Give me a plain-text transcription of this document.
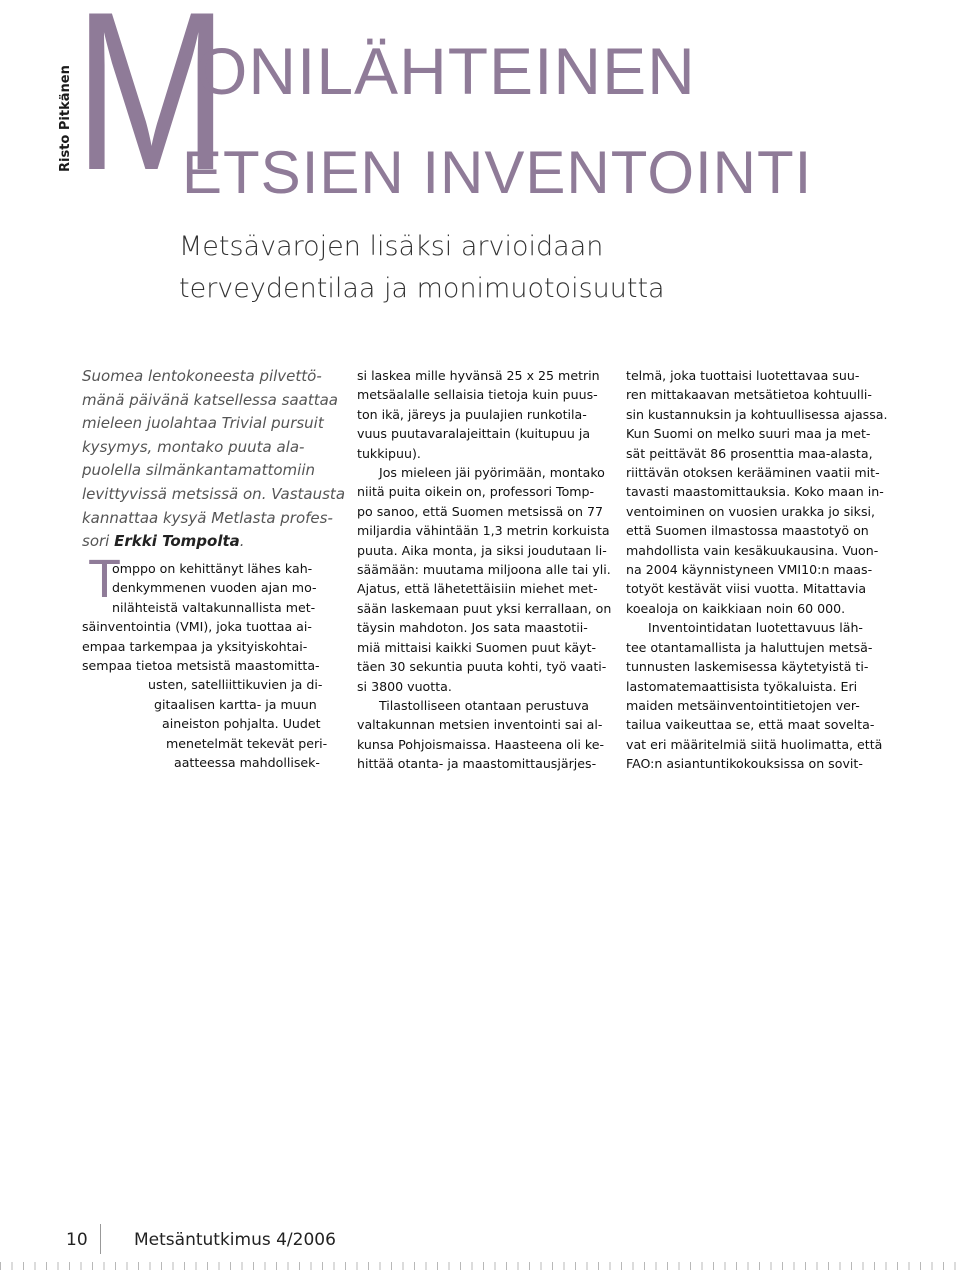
Risto Pitkänen M
ONILÄHTEINEN
ETSIEN INVENTOINTI
Metsävarojen lisäksi arvioidaan
terveydentilaa ja monimuotoisuutta
Suomea lentokoneesta pilvettö-
mänä päivänä katsellessa saattaa
mieleen juolahtaa Trivial pursuit
kysymys, montako puuta ala-
puolella silmänkantamattomiin
levittyvissä metsissä on. Vastausta
kannattaa kysyä Metlasta profes-
sori Erkki Tompolta.
T
omppo on kehittänyt lähes kah-
denkymmenen vuoden ajan mo-
nilähteistä valtakunnallista met-
säinventointia (VMI), joka tuottaa ai-
empaa tarkempaa ja yksityiskohtai-
sempaa tietoa metsistä maastomitta-
usten, satelliittikuvien ja di-
gitaalisen kartta- ja muun
aineiston pohjalta. Uudet
menetelmät tekevät peri-
aatteessa mahdollisek-
si laskea mille hyvänsä 25 x 25 metrin
metsäalalle sellaisia tietoja kuin puus-
ton ikä, järeys ja puulajien runkotila-
vuus puutavaralajeittain (kuitupuu ja
tukkipuu).
Jos mieleen jäi pyörimään, montako
niitä puita oikein on, professori Tomp-
po sanoo, että Suomen metsissä on 77
miljardia vähintään 1,3 metrin korkuista
puuta. Aika monta, ja siksi joudutaan li-
säämään: muutama miljoona alle tai yli.
Ajatus, että lähetettäisiin miehet met-
sään laskemaan puut yksi kerrallaan, on
täysin mahdoton. Jos sata maastotii-
miä mittaisi kaikki Suomen puut käyt-
täen 30 sekuntia puuta kohti, työ vaati-
si 3800 vuotta.
Tilastolliseen otantaan perustuva
valtakunnan metsien inventointi sai al-
kunsa Pohjoismaissa. Haasteena oli ke-
hittää otanta- ja maastomittausjärjes-
telmä, joka tuottaisi luotettavaa suu-
ren mittakaavan metsätietoa kohtuulli-
sin kustannuksin ja kohtuullisessa ajassa.
Kun Suomi on melko suuri maa ja met-
sät peittävät 86 prosenttia maa-alasta,
riittävän otoksen kerääminen vaatii mit-
tavasti maastomittauksia. Koko maan in-
ventoiminen on vuosien urakka jo siksi,
että Suomen ilmastossa maastotyö on
mahdollista vain kesäkuukausina. Vuon-
na 2004 käynnistyneen VMI10:n maas-
totyöt kestävät viisi vuotta. Mitattavia
koealoja on kaikkiaan noin 60 000.
Inventointidatan luotettavuus läh-
tee otantamallista ja haluttujen metsä-
tunnusten laskemisessa käytetyistä ti-
lastomatemaattisista työkaluista. Eri
maiden metsäinventointitietojen ver-
tailua vaikeuttaa se, että maat soveltа-
vat eri määritelmiä siitä huolimatta, että
FAO:n asiantuntikokouksissa on sovit-
10	Metsäntutkimus 4/2006
